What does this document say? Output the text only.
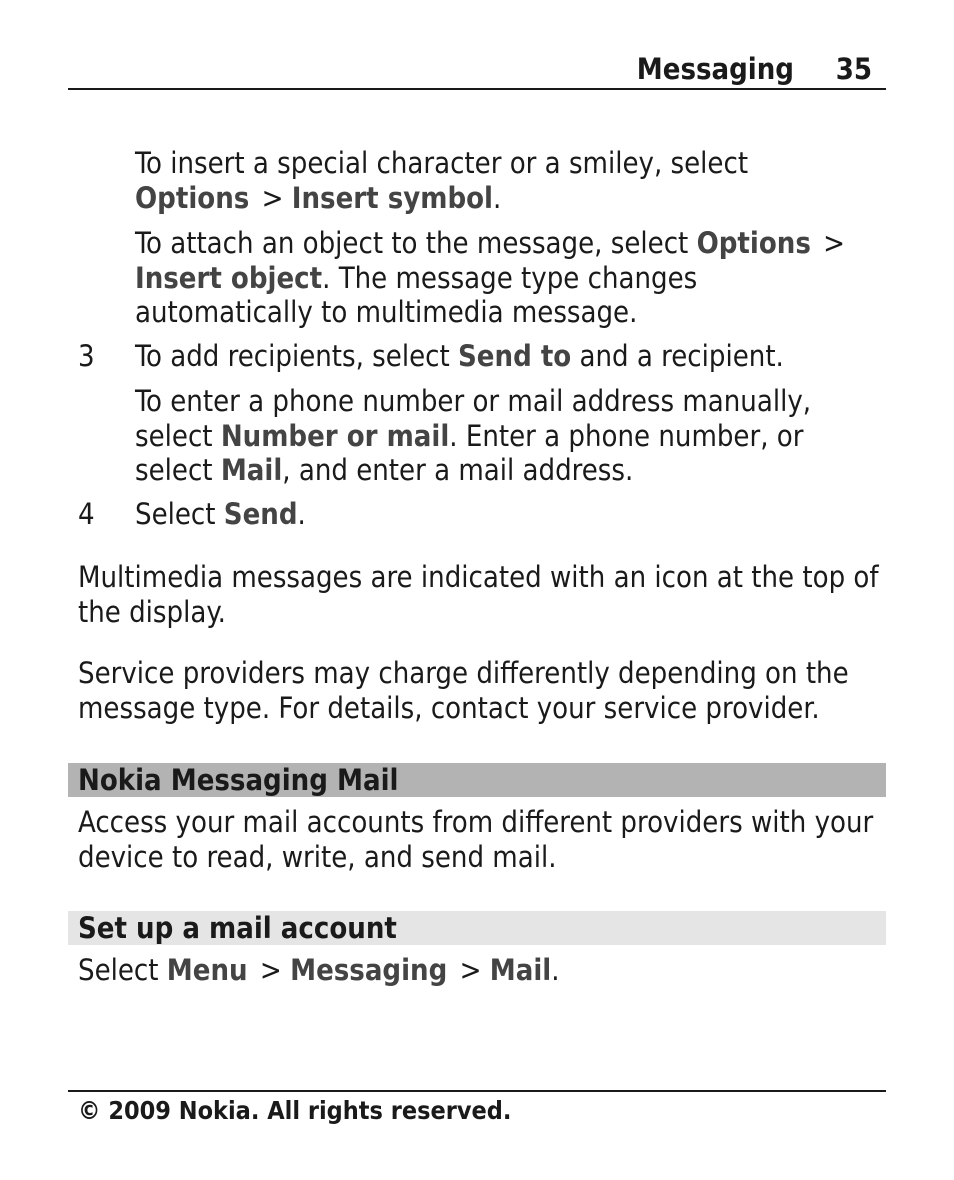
Messaging 35

To insert a special character or a smiley, select
Options > Insert symbol.

To attach an object to the message, select Options > Insert object. The message type changes automatically to multimedia message.

3 To add recipients, select Send to and a recipient.

To enter a phone number or mail address manually, select Number or mail. Enter a phone number, or select Mail, and enter a mail address.

4 Select Send.

Multimedia messages are indicated with an icon at the top of the display.

Service providers may charge differently depending on the message type. For details, contact your service provider.

Nokia Messaging Mail

Access your mail accounts from different providers with your device to read, write, and send mail.

Set up a mail account

Select Menu > Messaging > Mail.

© 2009 Nokia. All rights reserved.
